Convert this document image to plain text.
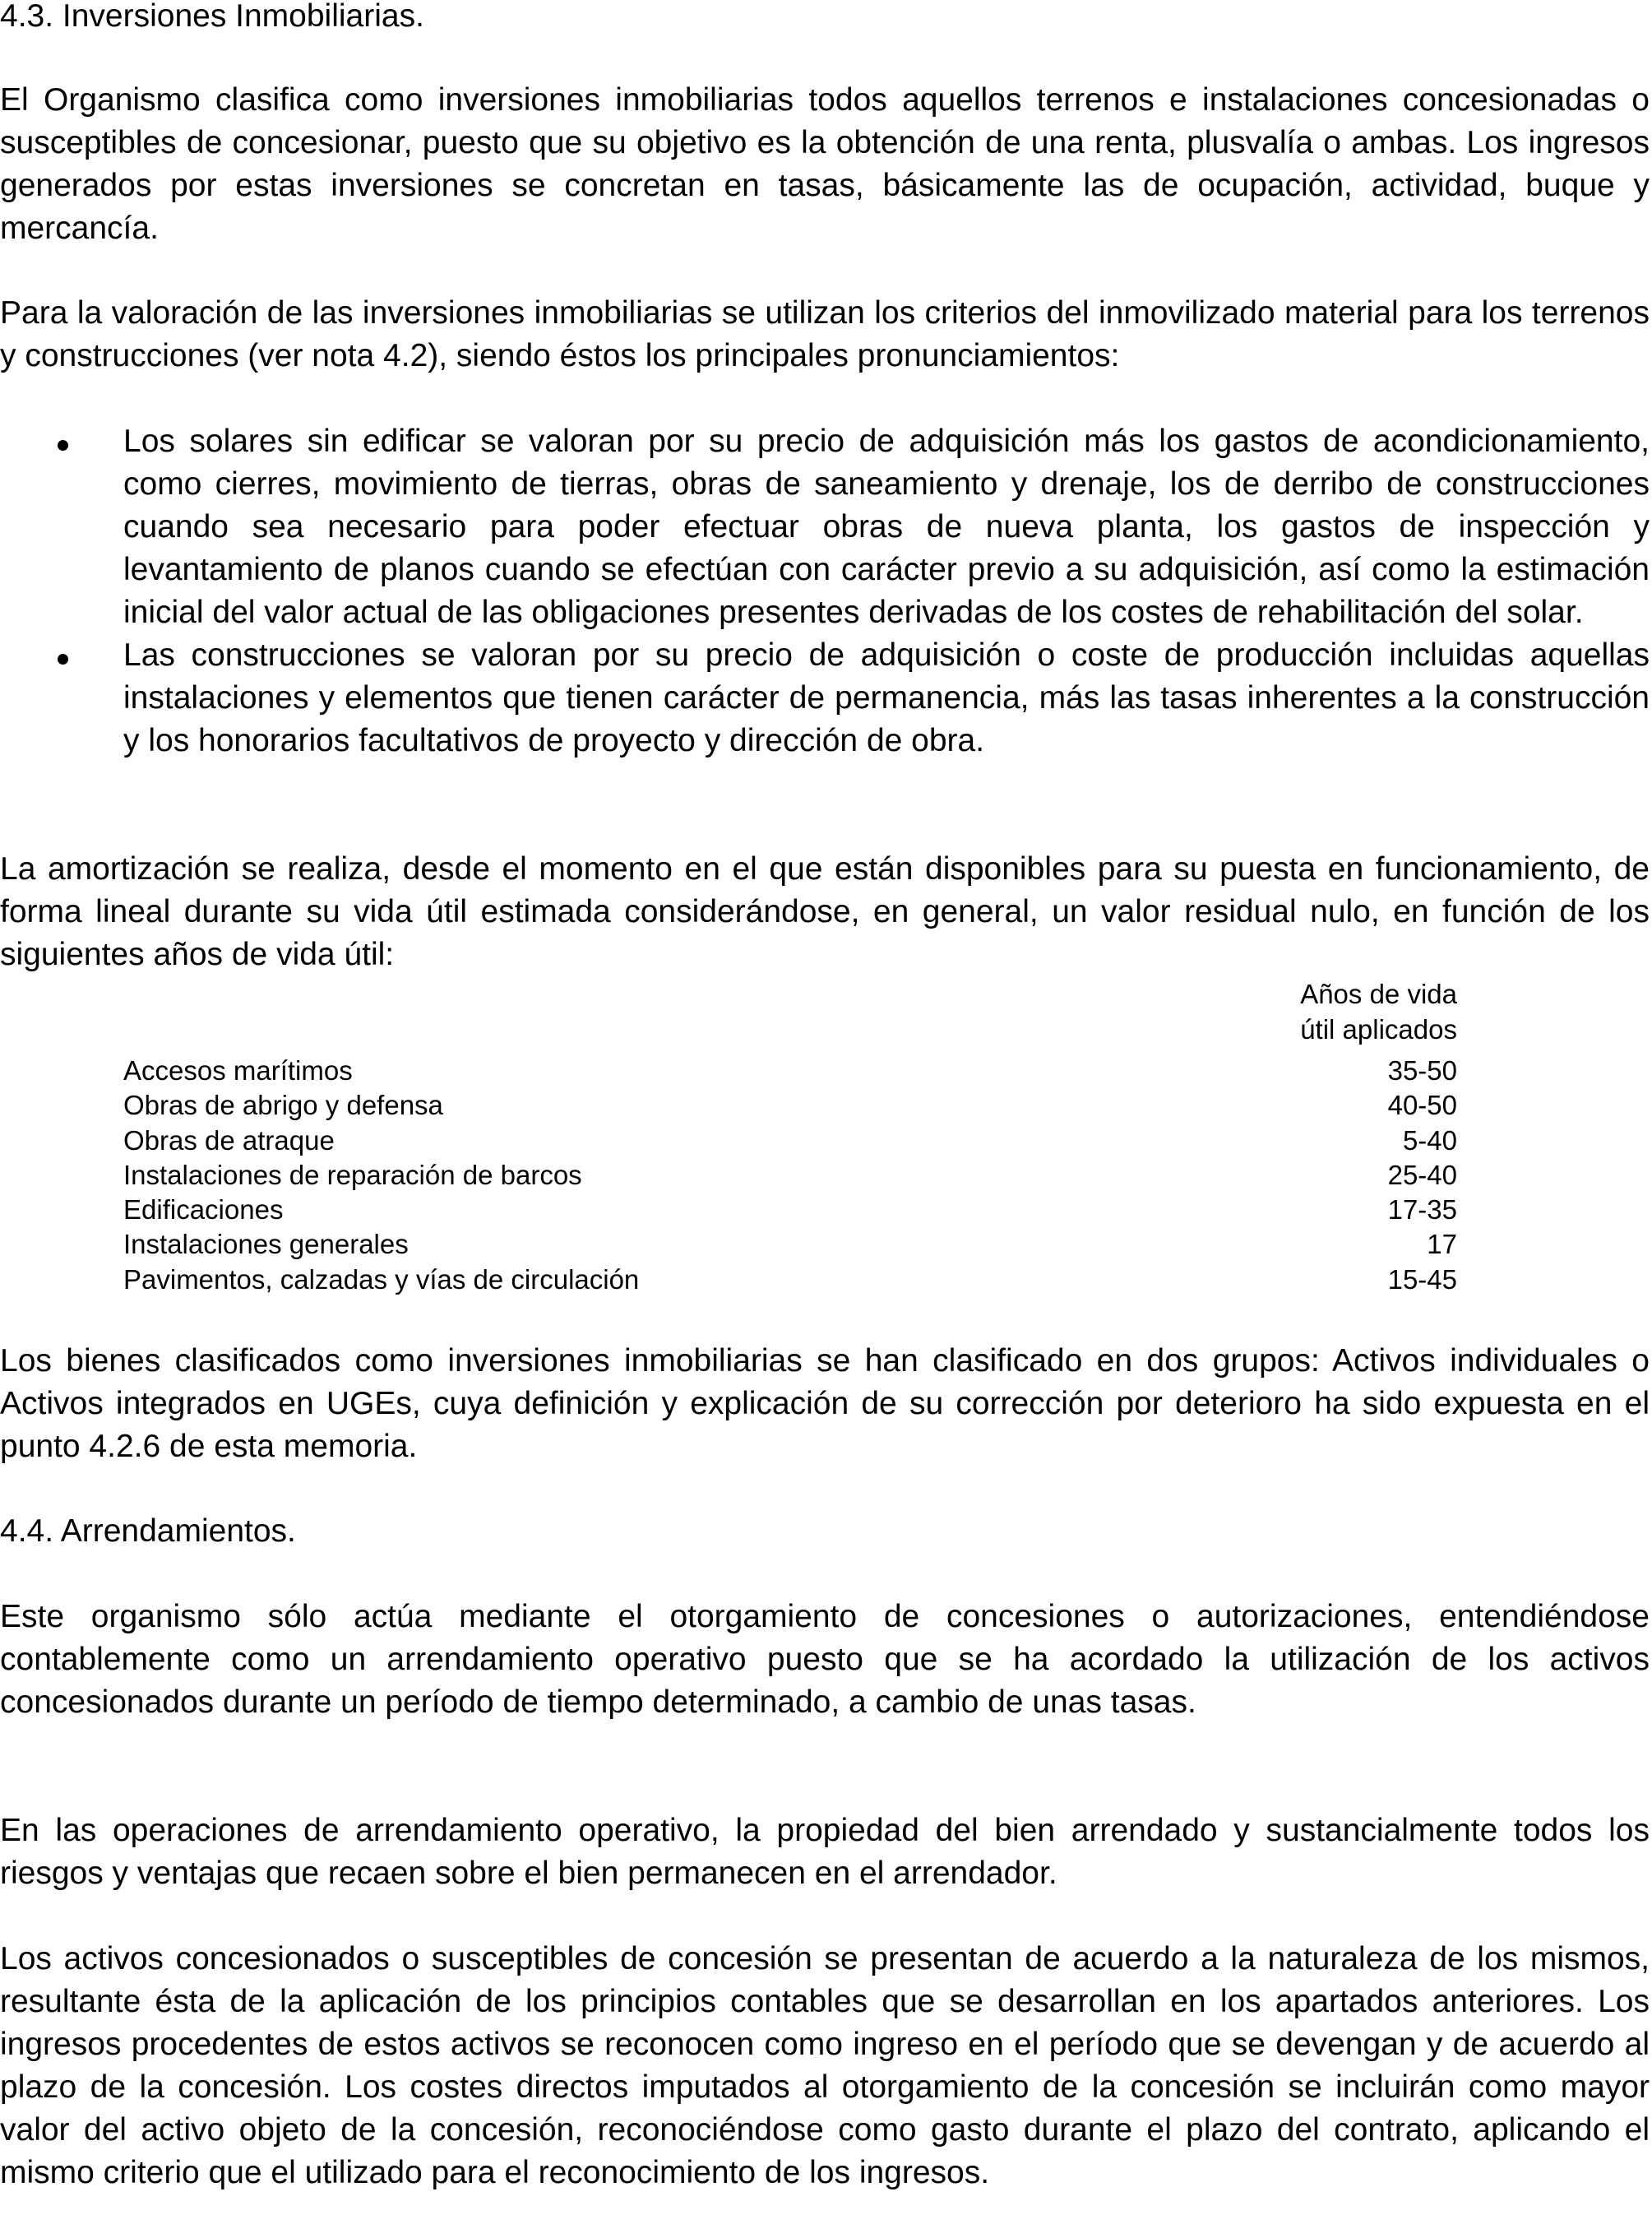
4.3. Inversiones Inmobiliarias.

El Organismo clasifica como inversiones inmobiliarias todos aquellos terrenos e instalaciones concesionadas o susceptibles de concesionar, puesto que su objetivo es la obtención de una renta, plusvalía o ambas. Los ingresos generados por estas inversiones se concretan en tasas, básicamente las de ocupación, actividad, buque y mercancía.

Para la valoración de las inversiones inmobiliarias se utilizan los criterios del inmovilizado material para los terrenos y construcciones (ver nota 4.2), siendo éstos los principales pronunciamientos:

Los solares sin edificar se valoran por su precio de adquisición más los gastos de acondicionamiento, como cierres, movimiento de tierras, obras de saneamiento y drenaje, los de derribo de construcciones cuando sea necesario para poder efectuar obras de nueva planta, los gastos de inspección y levantamiento de planos cuando se efectúan con carácter previo a su adquisición, así como la estimación inicial del valor actual de las obligaciones presentes derivadas de los costes de rehabilitación del solar.
Las construcciones se valoran por su precio de adquisición o coste de producción incluidas aquellas instalaciones y elementos que tienen carácter de permanencia, más las tasas inherentes a la construcción y los honorarios facultativos de proyecto y dirección de obra.

La amortización se realiza, desde el momento en el que están disponibles para su puesta en funcionamiento, de forma lineal durante su vida útil estimada considerándose, en general, un valor residual nulo, en función de los siguientes años de vida útil:

Años de vida
útil aplicados
Accesos marítimos	35-50
Obras de abrigo y defensa	40-50
Obras de atraque	5-40
Instalaciones de reparación de barcos	25-40
Edificaciones	17-35
Instalaciones generales	17
Pavimentos, calzadas y vías de circulación	15-45

Los bienes clasificados como inversiones inmobiliarias se han clasificado en dos grupos: Activos individuales o Activos integrados en UGEs, cuya definición y explicación de su corrección por deterioro ha sido expuesta en el punto 4.2.6 de esta memoria.

4.4. Arrendamientos.

Este organismo sólo actúa mediante el otorgamiento de concesiones o autorizaciones, entendiéndose contablemente como un arrendamiento operativo puesto que se ha acordado la utilización de los activos concesionados durante un período de tiempo determinado, a cambio de unas tasas.

En las operaciones de arrendamiento operativo, la propiedad del bien arrendado y sustancialmente todos los riesgos y ventajas que recaen sobre el bien permanecen en el arrendador.

Los activos concesionados o susceptibles de concesión se presentan de acuerdo a la naturaleza de los mismos, resultante ésta de la aplicación de los principios contables que se desarrollan en los apartados anteriores. Los ingresos procedentes de estos activos se reconocen como ingreso en el período que se devengan y de acuerdo al plazo de la concesión. Los costes directos imputados al otorgamiento de la concesión se incluirán como mayor valor del activo objeto de la concesión, reconociéndose como gasto durante el plazo del contrato, aplicando el mismo criterio que el utilizado para el reconocimiento de los ingresos.
